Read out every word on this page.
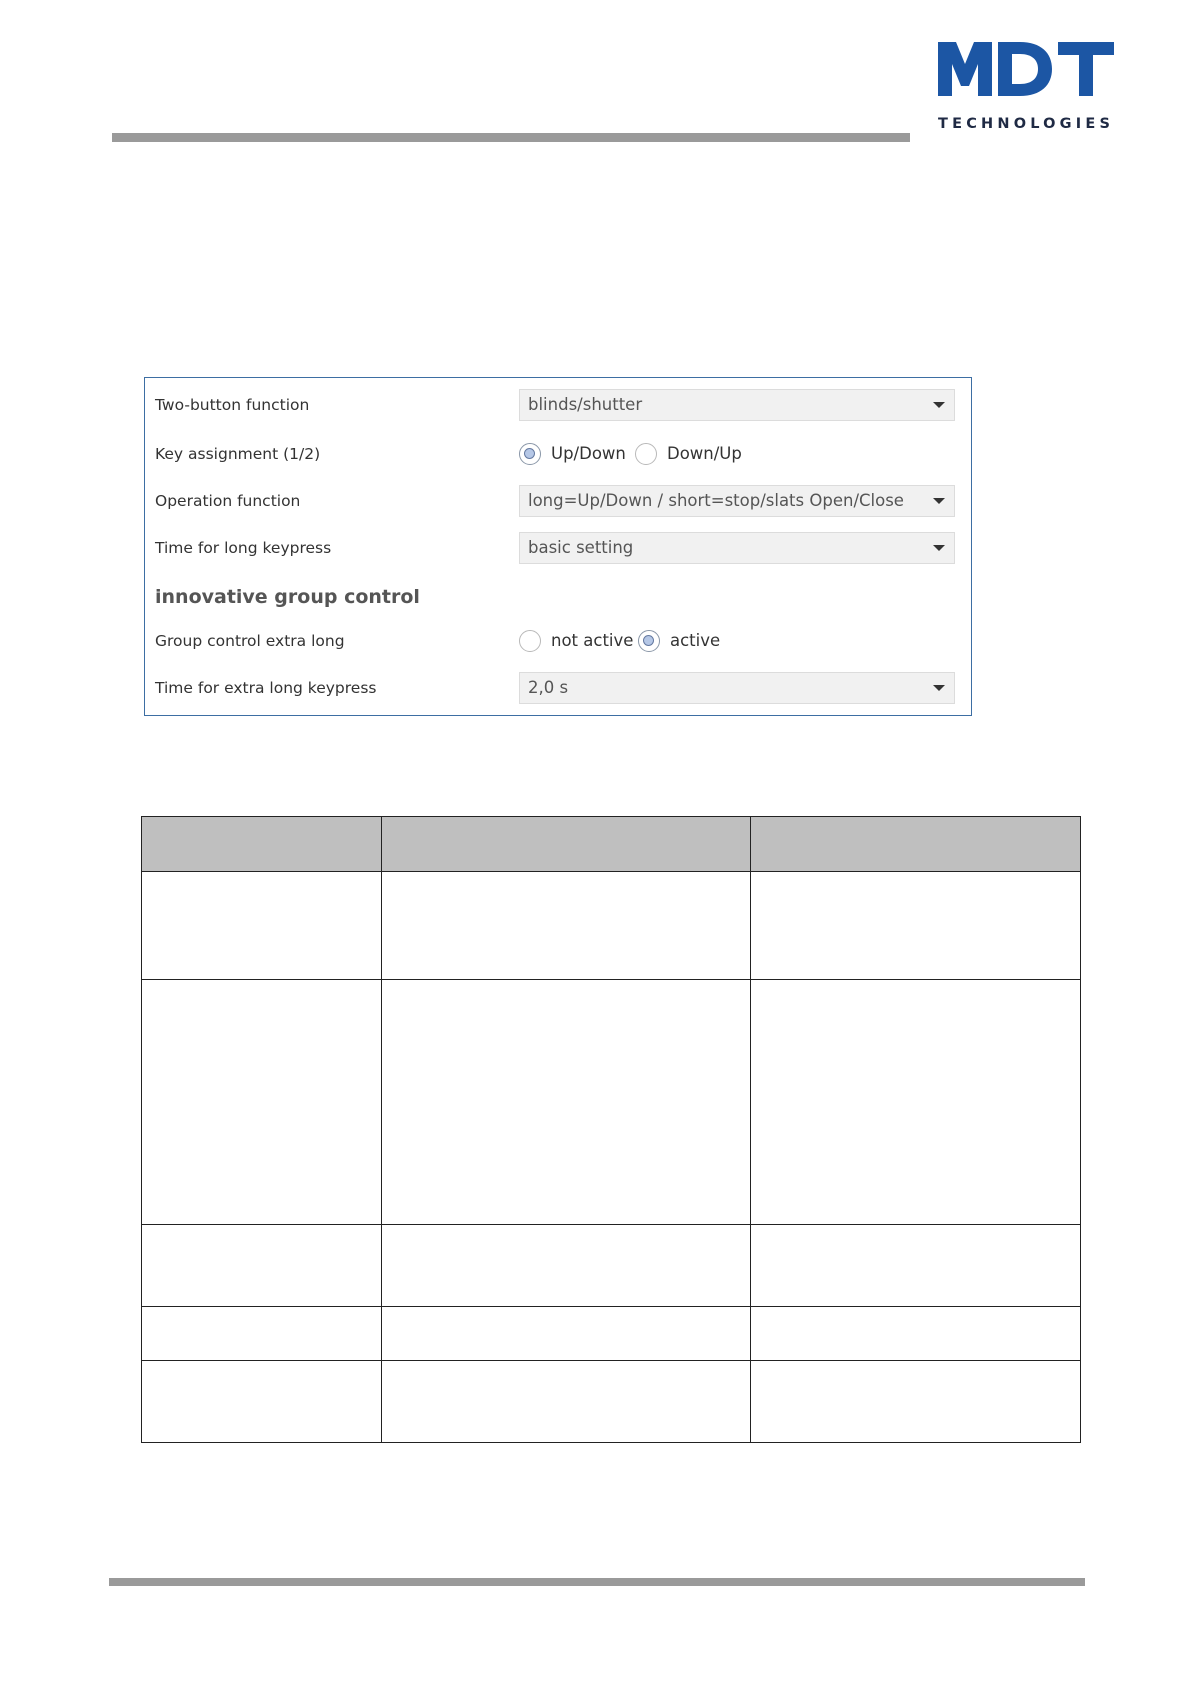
TECHNOLOGIES
Two-button function	blinds/shutter
Key assignment (1/2)	Up/Down Down/Up
Operation function	long=Up/Down / short=stop/slats Open/Close
Time for long keypress	basic setting
innovative group control
Group control extra long	not active active
Time for extra long keypress	2,0 s
